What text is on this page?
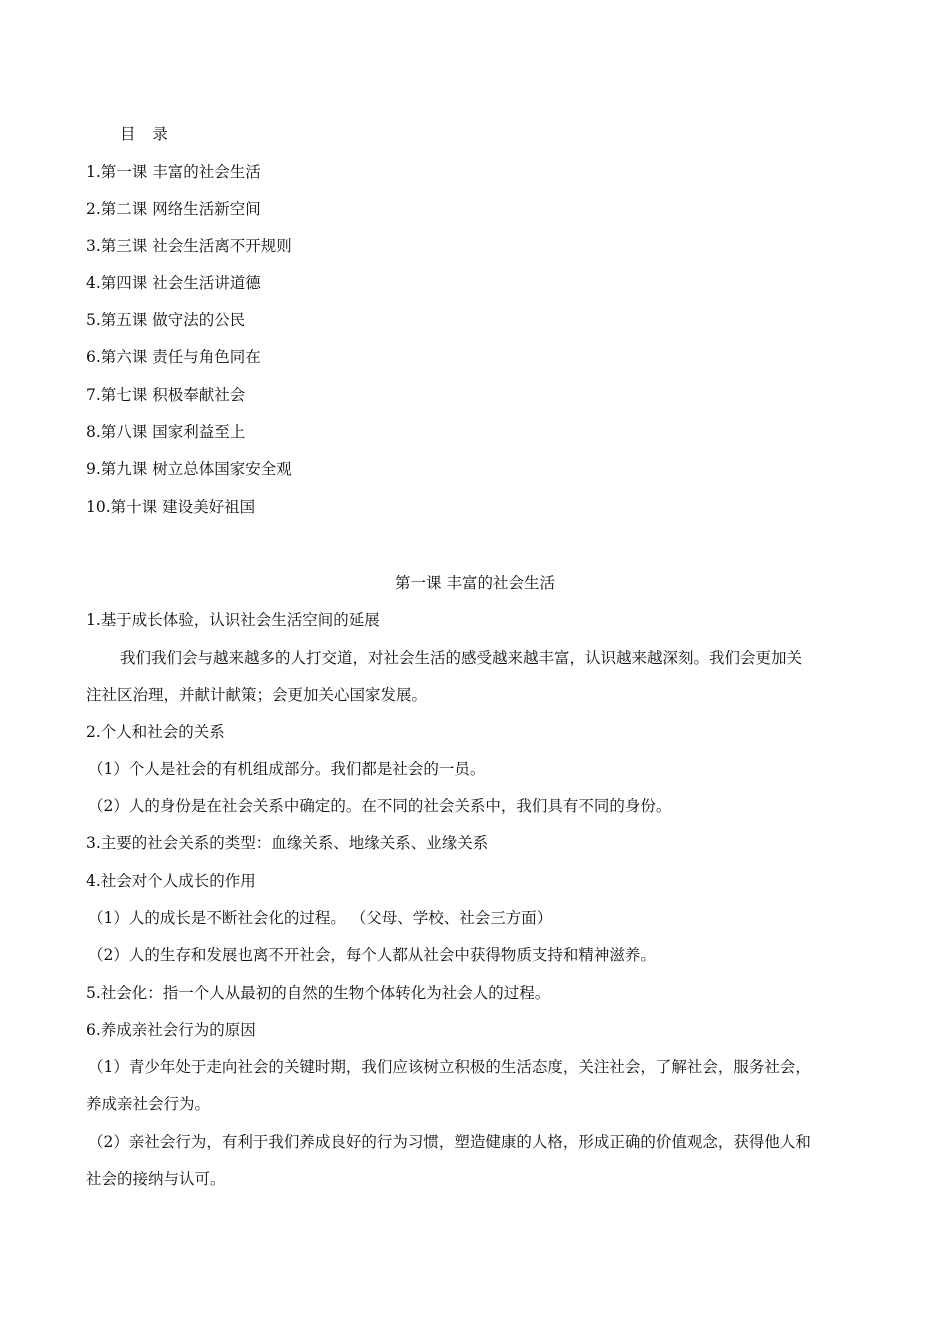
目 录
1.第一课 丰富的社会生活
2.第二课 网络生活新空间
3.第三课 社会生活离不开规则
4.第四课 社会生活讲道德
5.第五课 做守法的公民
6.第六课 责任与角色同在
7.第七课 积极奉献社会
8.第八课 国家利益至上
9.第九课 树立总体国家安全观
10.第十课 建设美好祖国
第一课 丰富的社会生活
1.基于成长体验，认识社会生活空间的延展
我们我们会与越来越多的人打交道，对社会生活的感受越来越丰富，认识越来越深刻。我们会更加关
注社区治理，并献计献策；会更加关心国家发展。
2.个人和社会的关系
（1）个人是社会的有机组成部分。我们都是社会的一员。
（2）人的身份是在社会关系中确定的。在不同的社会关系中，我们具有不同的身份。
3.主要的社会关系的类型：血缘关系、地缘关系、业缘关系
4.社会对个人成长的作用
（1）人的成长是不断社会化的过程。 （父母、学校、社会三方面）
（2）人的生存和发展也离不开社会，每个人都从社会中获得物质支持和精神滋养。
5.社会化：指一个人从最初的自然的生物个体转化为社会人的过程。
6.养成亲社会行为的原因
（1）青少年处于走向社会的关键时期，我们应该树立积极的生活态度，关注社会，了解社会，服务社会，
养成亲社会行为。
（2）亲社会行为，有利于我们养成良好的行为习惯，塑造健康的人格，形成正确的价值观念，获得他人和
社会的接纳与认可。
